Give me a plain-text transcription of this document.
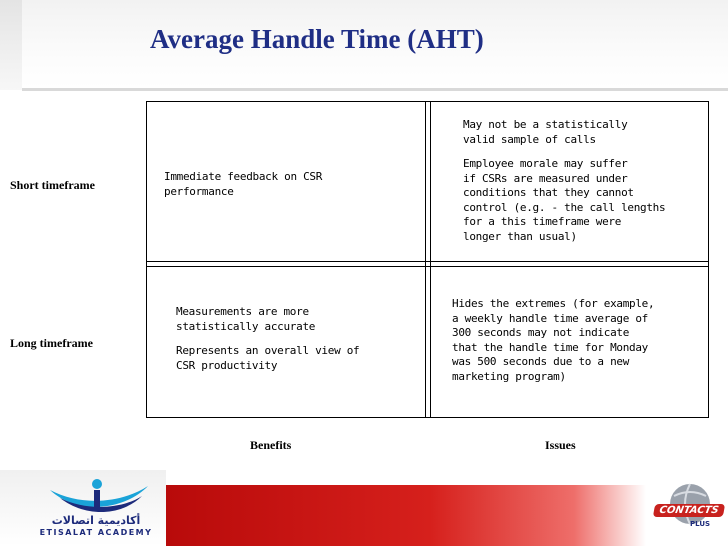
Average Handle Time (AHT)
Short timeframe
Long timeframe
Benefits	Issues

Immediate feedback on CSR

performance

May not be a statistically

valid sample of calls

Employee morale may suffer

if CSRs are measured under

conditions that they cannot

control (e.g. - the call lengths

for a this timeframe were

longer than usual)

Measurements are more

statistically accurate

Represents an overall view of

CSR productivity

Hides the extremes (for example,

a weekly handle time average of

300 seconds may not indicate

that the handle time for Monday

was 500 seconds due to a new

marketing program)

أكاديمية اتصالات
ETISALAT ACADEMY
CONTACTS
PLUS
